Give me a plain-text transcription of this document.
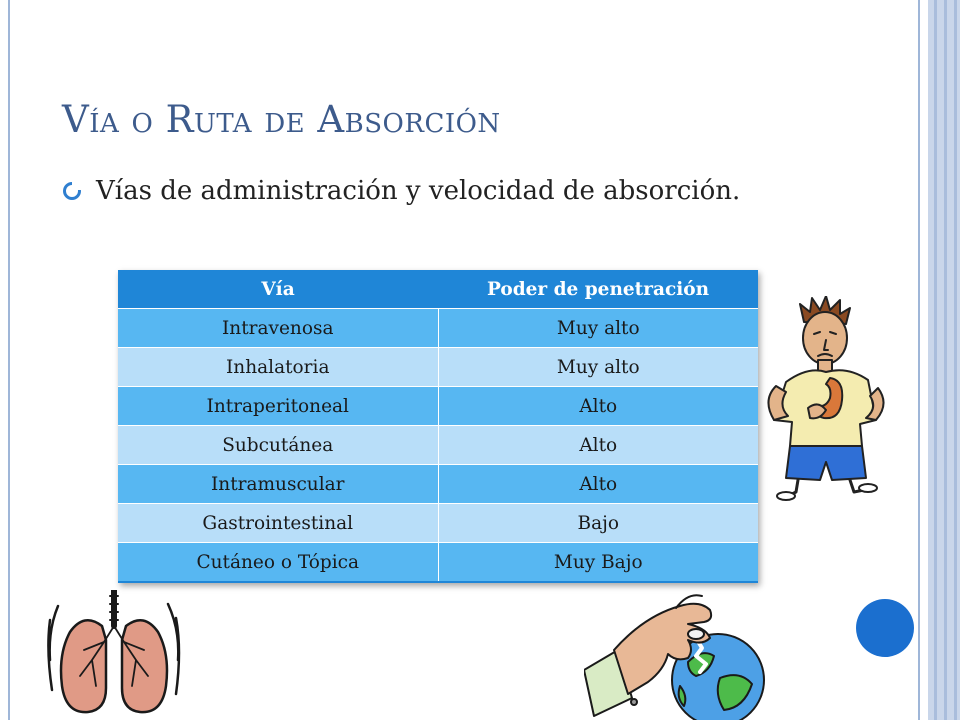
Vía o Ruta de Absorción
Vías de administración y velocidad de absorción.
Vía	Poder de penetración
Intravenosa	Muy alto
Inhalatoria	Muy alto
Intraperitoneal	Alto
Subcutánea	Alto
Intramuscular	Alto
Gastrointestinal	Bajo
Cutáneo o Tópica	Muy Bajo
